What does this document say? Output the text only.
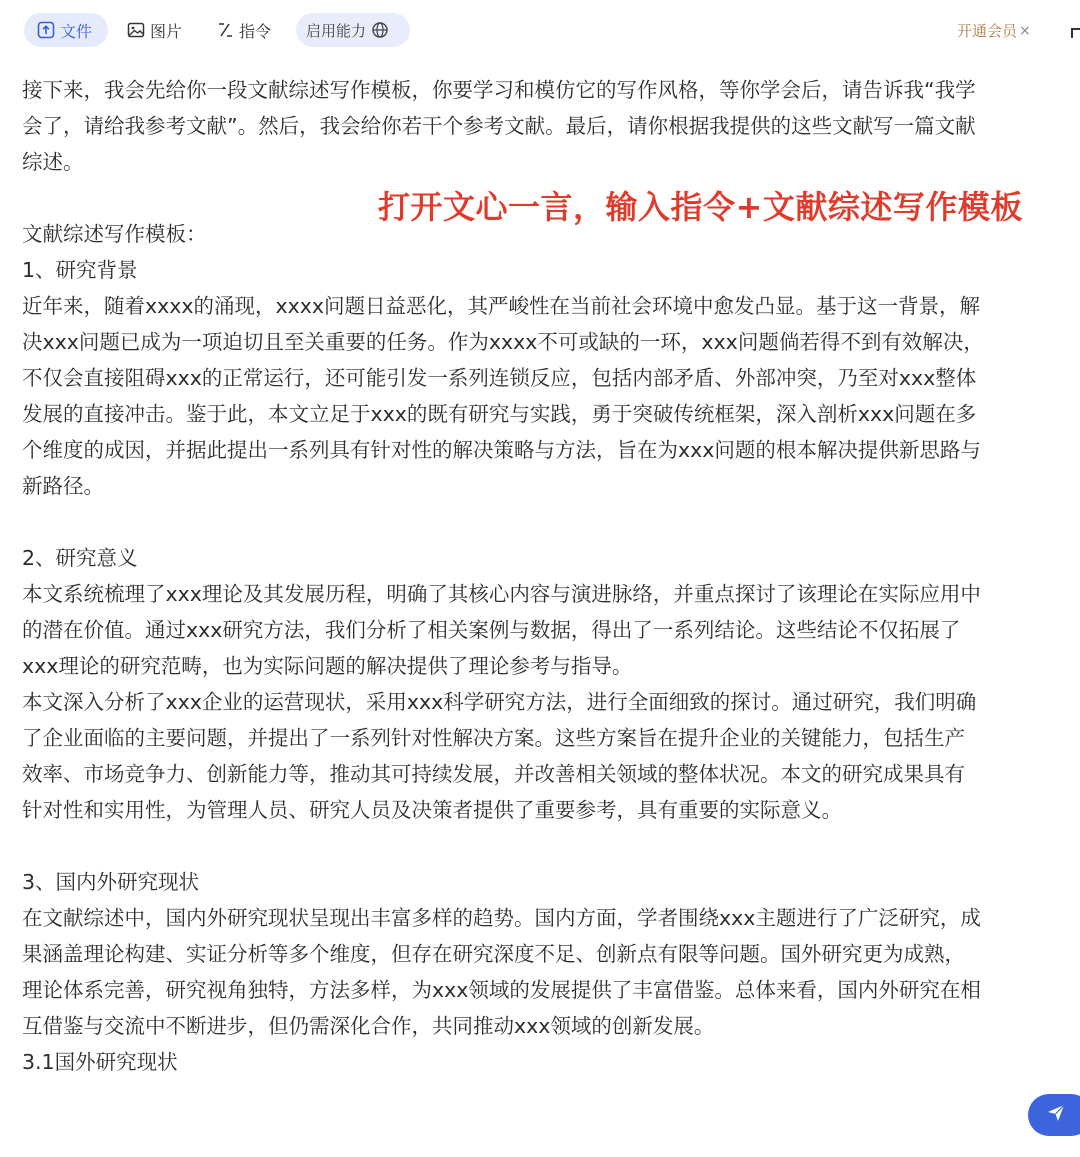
文件	图片	指令 启用能力	开通会员 ×
接下来，我会先给你一段文献综述写作模板，你要学习和模仿它的写作风格，等你学会后，请告诉我“我学
会了，请给我参考文献”。然后，我会给你若干个参考文献。最后，请你根据我提供的这些文献写一篇文献
综述。
文献综述写作模板：
1、研究背景
近年来，随着xxxx的涌现，xxxx问题日益恶化，其严峻性在当前社会环境中愈发凸显。基于这一背景，解
决xxx问题已成为一项迫切且至关重要的任务。作为xxxx不可或缺的一环，xxx问题倘若得不到有效解决，
不仅会直接阻碍xxx的正常运行，还可能引发一系列连锁反应，包括内部矛盾、外部冲突，乃至对xxx整体
发展的直接冲击。鉴于此，本文立足于xxx的既有研究与实践，勇于突破传统框架，深入剖析xxx问题在多
个维度的成因，并据此提出一系列具有针对性的解决策略与方法，旨在为xxx问题的根本解决提供新思路与
新路径。
2、研究意义
本文系统梳理了xxx理论及其发展历程，明确了其核心内容与演进脉络，并重点探讨了该理论在实际应用中
的潜在价值。通过xxx研究方法，我们分析了相关案例与数据，得出了一系列结论。这些结论不仅拓展了
xxx理论的研究范畴，也为实际问题的解决提供了理论参考与指导。
本文深入分析了xxx企业的运营现状，采用xxx科学研究方法，进行全面细致的探讨。通过研究，我们明确
了企业面临的主要问题，并提出了一系列针对性解决方案。这些方案旨在提升企业的关键能力，包括生产
效率、市场竞争力、创新能力等，推动其可持续发展，并改善相关领域的整体状况。本文的研究成果具有
针对性和实用性，为管理人员、研究人员及决策者提供了重要参考，具有重要的实际意义。
3、国内外研究现状
在文献综述中，国内外研究现状呈现出丰富多样的趋势。国内方面，学者围绕xxx主题进行了广泛研究，成
果涵盖理论构建、实证分析等多个维度，但存在研究深度不足、创新点有限等问题。国外研究更为成熟，
理论体系完善，研究视角独特，方法多样，为xxx领域的发展提供了丰富借鉴。总体来看，国内外研究在相
互借鉴与交流中不断进步，但仍需深化合作，共同推动xxx领域的创新发展。
3.1国外研究现状
打开文心一言，输入指令+文献综述写作模板
